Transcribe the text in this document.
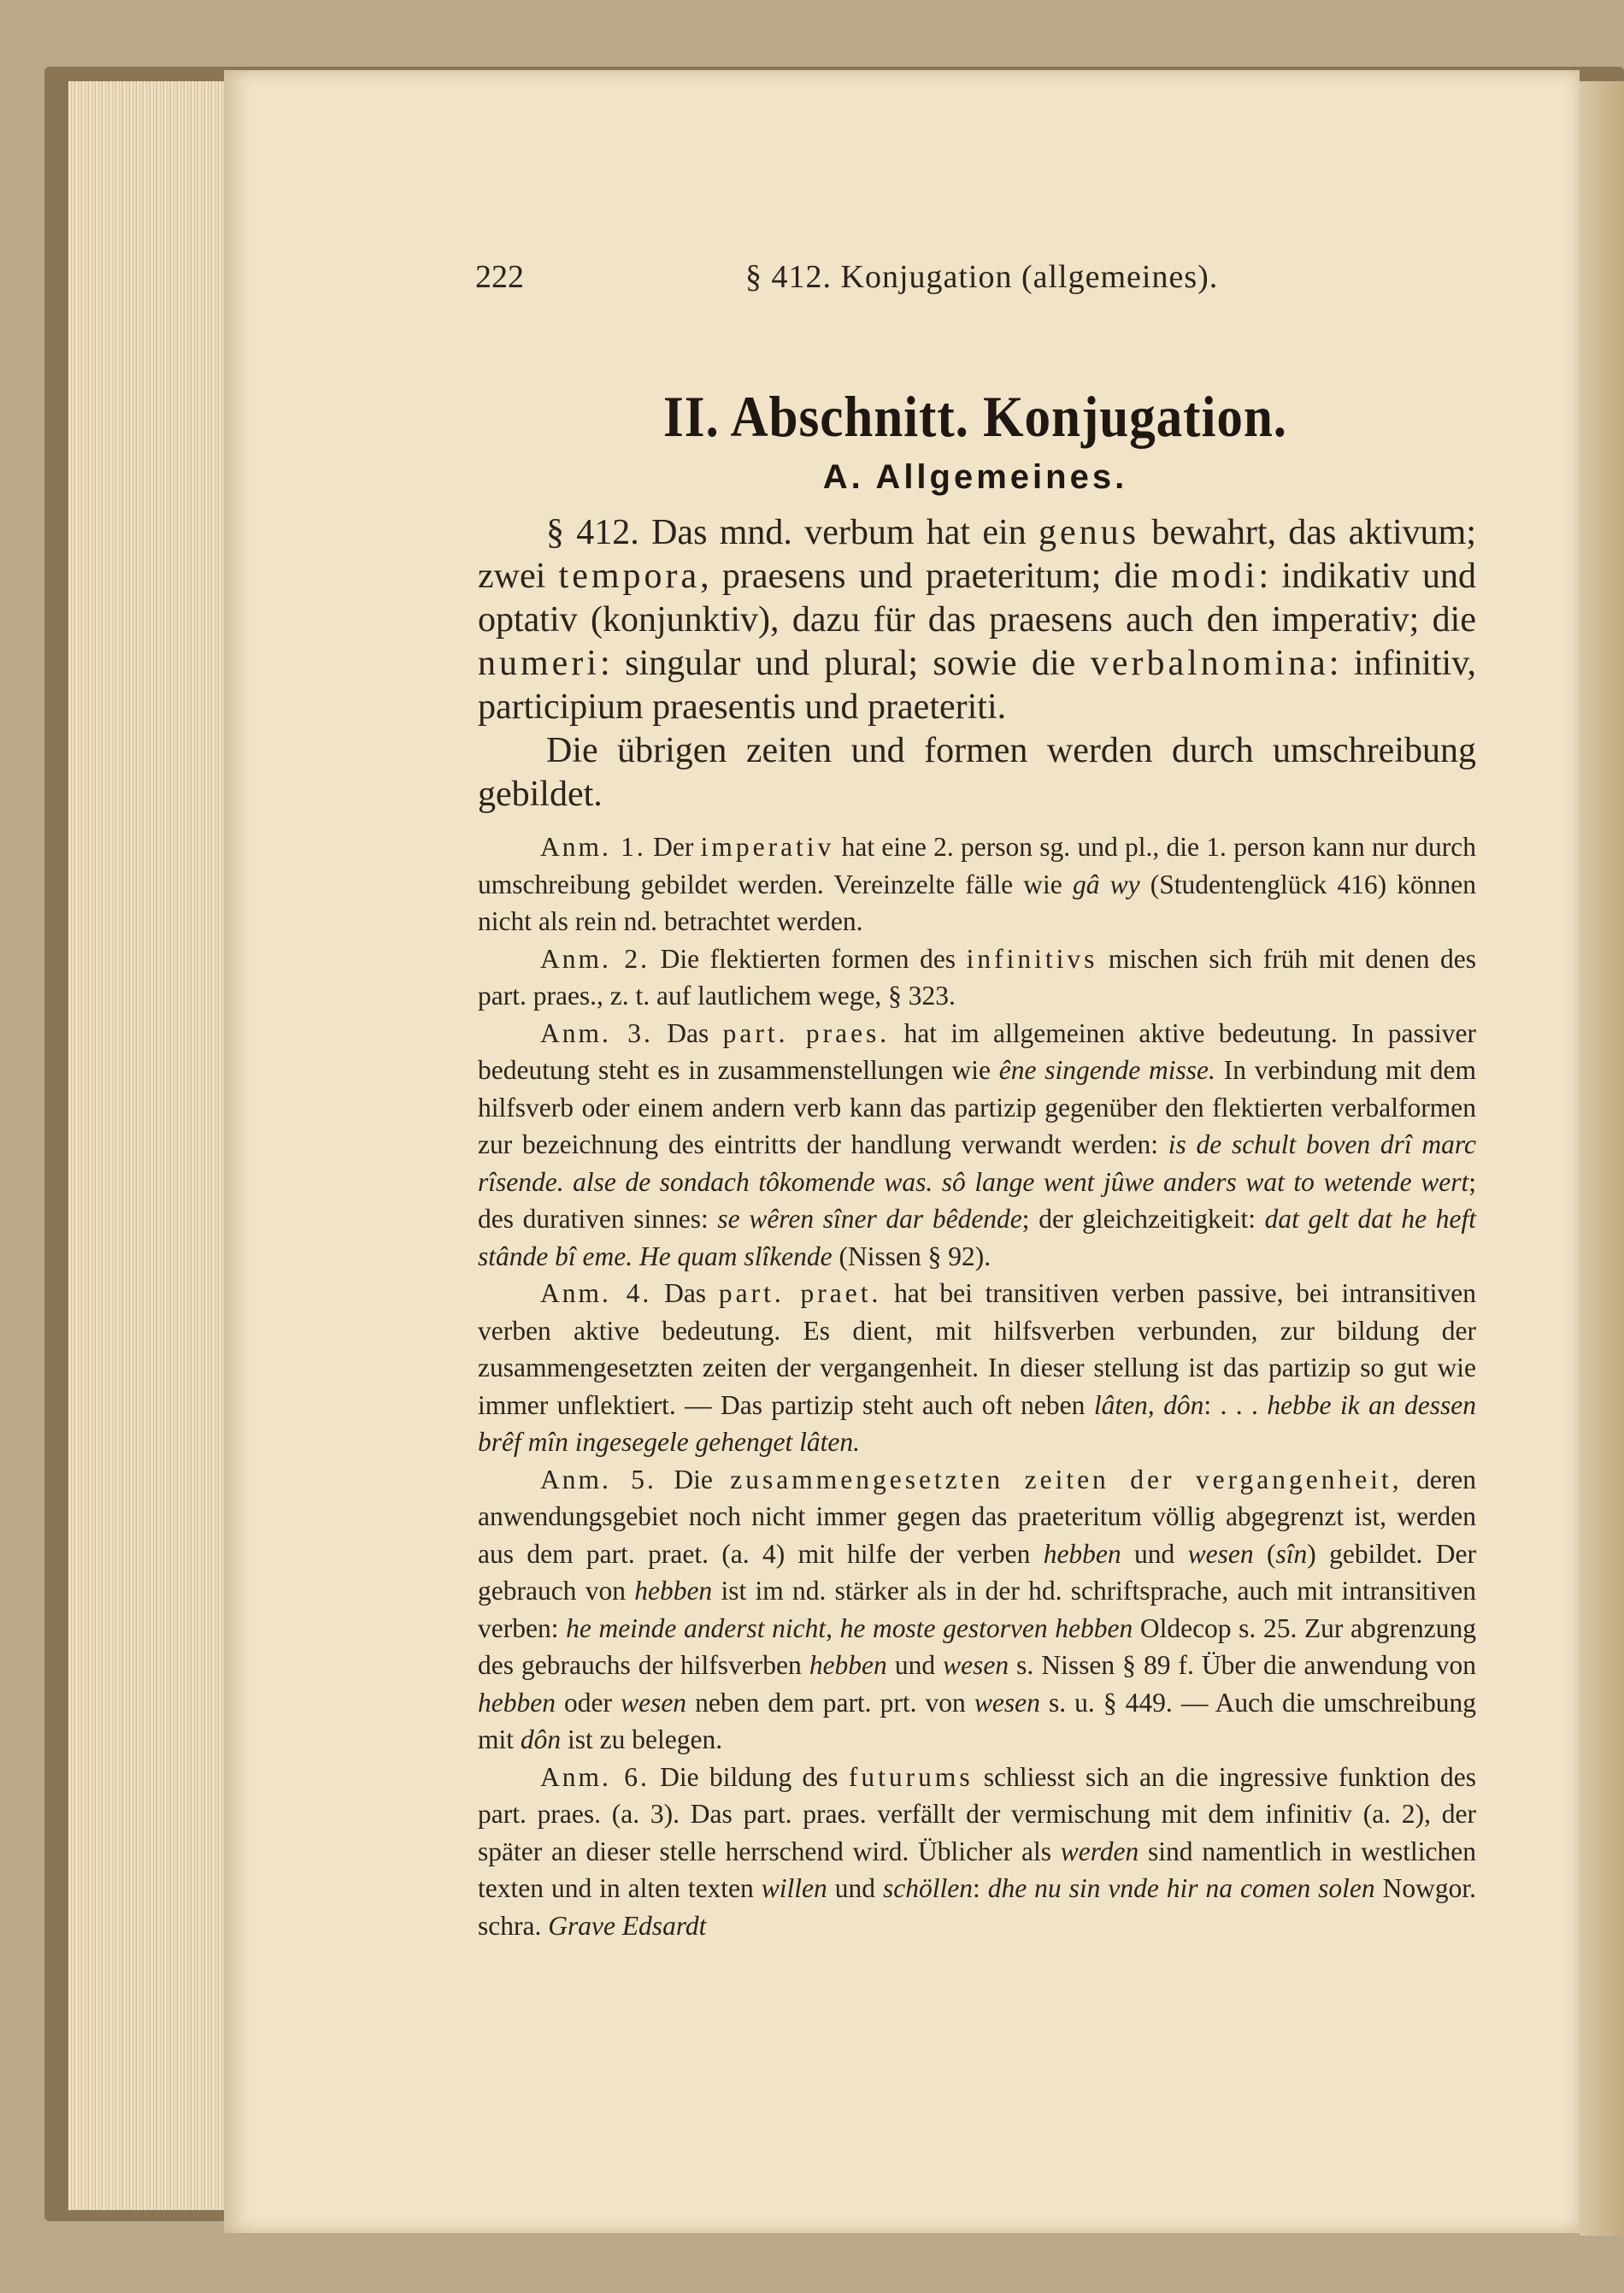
222	§ 412. Konjugation (allgemeines).
II. Abschnitt. Konjugation.
A. Allgemeines.

§ 412. Das mnd. verbum hat ein genus bewahrt, das aktivum; zwei tempora, praesens und praeteritum; die modi: indikativ und optativ (konjunktiv), dazu für das praesens auch den imperativ; die numeri: singular und plural; sowie die verbalnomina: infinitiv, participium praesentis und praeteriti.

Die übrigen zeiten und formen werden durch umschreibung gebildet.

Anm. 1. Der imperativ hat eine 2. person sg. und pl., die 1. person kann nur durch umschreibung gebildet werden. Vereinzelte fälle wie gâ wy (Studentenglück 416) können nicht als rein nd. betrachtet werden.

Anm. 2. Die flektierten formen des infinitivs mischen sich früh mit denen des part. praes., z. t. auf lautlichem wege, § 323.

Anm. 3. Das part. praes. hat im allgemeinen aktive bedeutung. In passiver bedeutung steht es in zusammenstellungen wie êne singende misse. In verbindung mit dem hilfsverb oder einem andern verb kann das partizip gegenüber den flektierten verbalformen zur bezeichnung des eintritts der handlung verwandt werden: is de schult boven drî marc rîsende. alse de sondach tôkomende was. sô lange went jûwe anders wat to wetende wert; des durativen sinnes: se wêren sîner dar bêdende; der gleichzeitigkeit: dat gelt dat he heft stânde bî eme. He quam slîkende (Nissen § 92).

Anm. 4. Das part. praet. hat bei transitiven verben passive, bei intransitiven verben aktive bedeutung. Es dient, mit hilfsverben verbunden, zur bildung der zusammengesetzten zeiten der vergangenheit. In dieser stellung ist das partizip so gut wie immer unflektiert. — Das partizip steht auch oft neben lâten, dôn: . . . hebbe ik an dessen brêf mîn ingesegele gehenget lâten.

Anm. 5. Die zusammengesetzten zeiten der vergangenheit, deren anwendungsgebiet noch nicht immer gegen das praeteritum völlig abgegrenzt ist, werden aus dem part. praet. (a. 4) mit hilfe der verben hebben und wesen (sîn) gebildet. Der gebrauch von hebben ist im nd. stärker als in der hd. schriftsprache, auch mit intransitiven verben: he meinde anderst nicht, he moste gestorven hebben Oldecop s. 25. Zur abgrenzung des gebrauchs der hilfsverben hebben und wesen s. Nissen § 89 f. Über die anwendung von hebben oder wesen neben dem part. prt. von wesen s. u. § 449. — Auch die umschreibung mit dôn ist zu belegen.

Anm. 6. Die bildung des futurums schliesst sich an die ingressive funktion des part. praes. (a. 3). Das part. praes. verfällt der vermischung mit dem infinitiv (a. 2), der später an dieser stelle herrschend wird. Üblicher als werden sind namentlich in westlichen texten und in alten texten willen und schöllen: dhe nu sin vnde hir na comen solen Nowgor. schra. Grave Edsardt
